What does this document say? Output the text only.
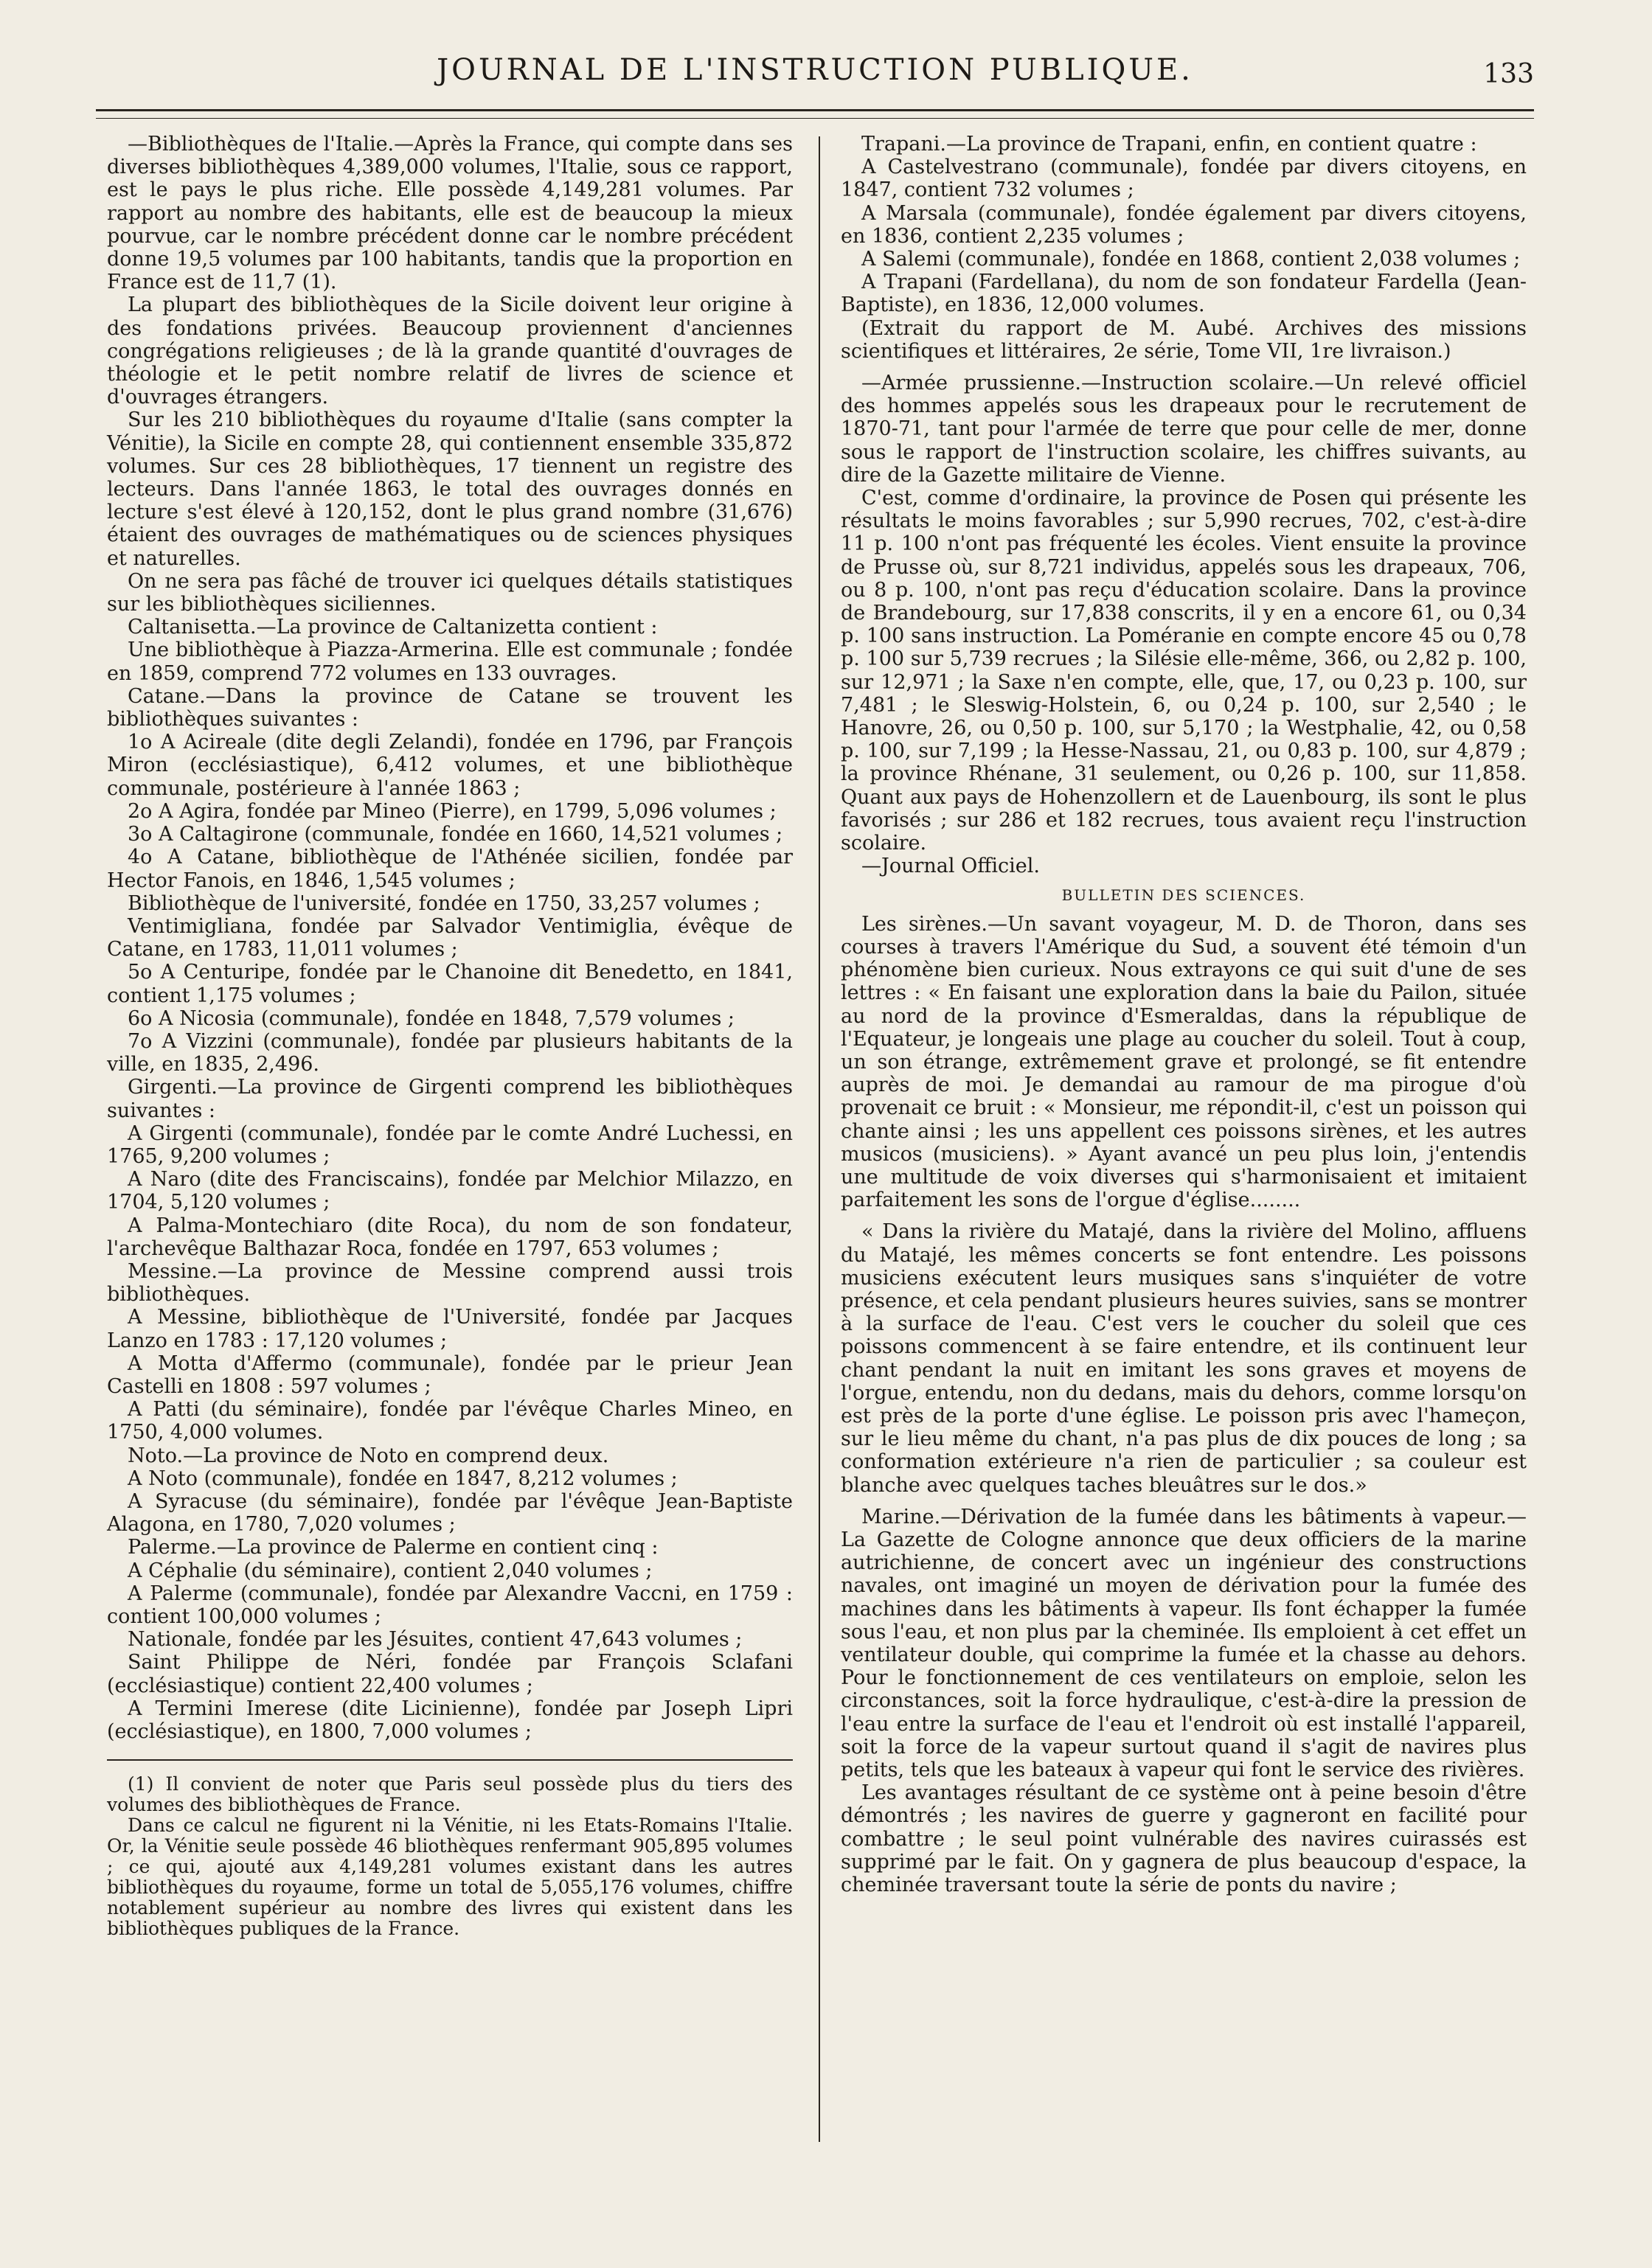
JOURNAL DE L'INSTRUCTION PUBLIQUE.	133

—Bibliothèques de l'Italie.—Après la France, qui compte dans ses diverses bibliothèques 4,389,000 volumes, l'Italie, sous ce rapport, est le pays le plus riche. Elle possède 4,149,281 volumes. Par rapport au nombre des habitants, elle est de beaucoup la mieux pourvue, car le nombre précédent donne car le nombre précédent donne 19,5 volumes par 100 habitants, tandis que la proportion en France est de 11,7 (1).

La plupart des bibliothèques de la Sicile doivent leur origine à des fondations privées. Beaucoup proviennent d'anciennes congrégations religieuses ; de là la grande quantité d'ouvrages de théologie et le petit nombre relatif de livres de science et d'ouvrages étrangers.

Sur les 210 bibliothèques du royaume d'Italie (sans compter la Vénitie), la Sicile en compte 28, qui contiennent ensemble 335,872 volumes. Sur ces 28 bibliothèques, 17 tiennent un registre des lecteurs. Dans l'année 1863, le total des ouvrages donnés en lecture s'est élevé à 120,152, dont le plus grand nombre (31,676) étaient des ouvrages de mathématiques ou de sciences physiques et naturelles.

On ne sera pas fâché de trouver ici quelques détails statistiques sur les bibliothèques siciliennes.

Caltanisetta.—La province de Caltanizetta contient :

Une bibliothèque à Piazza-Armerina. Elle est communale ; fondée en 1859, comprend 772 volumes en 133 ouvrages.

Catane.—Dans la province de Catane se trouvent les bibliothèques suivantes :

1o A Acireale (dite degli Zelandi), fondée en 1796, par François Miron (ecclésiastique), 6,412 volumes, et une bibliothèque communale, postérieure à l'année 1863 ;

2o A Agira, fondée par Mineo (Pierre), en 1799, 5,096 volumes ;

3o A Caltagirone (communale, fondée en 1660, 14,521 volumes ;

4o A Catane, bibliothèque de l'Athénée sicilien, fondée par Hector Fanois, en 1846, 1,545 volumes ;

Bibliothèque de l'université, fondée en 1750, 33,257 volumes ;

Ventimigliana, fondée par Salvador Ventimiglia, évêque de Catane, en 1783, 11,011 volumes ;

5o A Centuripe, fondée par le Chanoine dit Benedetto, en 1841, contient 1,175 volumes ;

6o A Nicosia (communale), fondée en 1848, 7,579 volumes ;

7o A Vizzini (communale), fondée par plusieurs habitants de la ville, en 1835, 2,496.

Girgenti.—La province de Girgenti comprend les bibliothèques suivantes :

A Girgenti (communale), fondée par le comte André Luchessi, en 1765, 9,200 volumes ;

A Naro (dite des Franciscains), fondée par Melchior Milazzo, en 1704, 5,120 volumes ;

A Palma-Montechiaro (dite Roca), du nom de son fondateur, l'archevêque Balthazar Roca, fondée en 1797, 653 volumes ;

Messine.—La province de Messine comprend aussi trois bibliothèques.

A Messine, bibliothèque de l'Université, fondée par Jacques Lanzo en 1783 : 17,120 volumes ;

A Motta d'Affermo (communale), fondée par le prieur Jean Castelli en 1808 : 597 volumes ;

A Patti (du séminaire), fondée par l'évêque Charles Mineo, en 1750, 4,000 volumes.

Noto.—La province de Noto en comprend deux.

A Noto (communale), fondée en 1847, 8,212 volumes ;

A Syracuse (du séminaire), fondée par l'évêque Jean-Baptiste Alagona, en 1780, 7,020 volumes ;

Palerme.—La province de Palerme en contient cinq :

A Céphalie (du séminaire), contient 2,040 volumes ;

A Palerme (communale), fondée par Alexandre Vaccni, en 1759 : contient 100,000 volumes ;

Nationale, fondée par les Jésuites, contient 47,643 volumes ;

Saint Philippe de Néri, fondée par François Sclafani (ecclésiastique) contient 22,400 volumes ;

A Termini Imerese (dite Licinienne), fondée par Joseph Lipri (ecclésiastique), en 1800, 7,000 volumes ;

(1) Il convient de noter que Paris seul possède plus du tiers des volumes des bibliothèques de France.

Dans ce calcul ne figurent ni la Vénitie, ni les Etats-Romains l'Italie. Or, la Vénitie seule possède 46 bliothèques renfermant 905,895 volumes ; ce qui, ajouté aux 4,149,281 volumes existant dans les autres bibliothèques du royaume, forme un total de 5,055,176 volumes, chiffre notablement supérieur au nombre des livres qui existent dans les bibliothèques publiques de la France.

Trapani.—La province de Trapani, enfin, en contient quatre :

A Castelvestrano (communale), fondée par divers citoyens, en 1847, contient 732 volumes ;

A Marsala (communale), fondée également par divers citoyens, en 1836, contient 2,235 volumes ;

A Salemi (communale), fondée en 1868, contient 2,038 volumes ;

A Trapani (Fardellana), du nom de son fondateur Fardella (Jean-Baptiste), en 1836, 12,000 volumes.

(Extrait du rapport de M. Aubé. Archives des missions scientifiques et littéraires, 2e série, Tome VII, 1re livraison.)

—Armée prussienne.—Instruction scolaire.—Un relevé officiel des hommes appelés sous les drapeaux pour le recrutement de 1870-71, tant pour l'armée de terre que pour celle de mer, donne sous le rapport de l'instruction scolaire, les chiffres suivants, au dire de la Gazette militaire de Vienne.

C'est, comme d'ordinaire, la province de Posen qui présente les résultats le moins favorables ; sur 5,990 recrues, 702, c'est-à-dire 11 p. 100 n'ont pas fréquenté les écoles. Vient ensuite la province de Prusse où, sur 8,721 individus, appelés sous les drapeaux, 706, ou 8 p. 100, n'ont pas reçu d'éducation scolaire. Dans la province de Brandebourg, sur 17,838 conscrits, il y en a encore 61, ou 0,34 p. 100 sans instruction. La Poméranie en compte encore 45 ou 0,78 p. 100 sur 5,739 recrues ; la Silésie elle-même, 366, ou 2,82 p. 100, sur 12,971 ; la Saxe n'en compte, elle, que, 17, ou 0,23 p. 100, sur 7,481 ; le Sleswig-Holstein, 6, ou 0,24 p. 100, sur 2,540 ; le Hanovre, 26, ou 0,50 p. 100, sur 5,170 ; la Westphalie, 42, ou 0,58 p. 100, sur 7,199 ; la Hesse-Nassau, 21, ou 0,83 p. 100, sur 4,879 ; la province Rhénane, 31 seulement, ou 0,26 p. 100, sur 11,858. Quant aux pays de Hohenzollern et de Lauenbourg, ils sont le plus favorisés ; sur 286 et 182 recrues, tous avaient reçu l'instruction scolaire.

—Journal Officiel.

BULLETIN DES SCIENCES.

Les sirènes.—Un savant voyageur, M. D. de Thoron, dans ses courses à travers l'Amérique du Sud, a souvent été témoin d'un phénomène bien curieux. Nous extrayons ce qui suit d'une de ses lettres : « En faisant une exploration dans la baie du Pailon, située au nord de la province d'Esmeraldas, dans la république de l'Equateur, je longeais une plage au coucher du soleil. Tout à coup, un son étrange, extrêmement grave et prolongé, se fit entendre auprès de moi. Je demandai au ramour de ma pirogue d'où provenait ce bruit : « Monsieur, me répondit-il, c'est un poisson qui chante ainsi ; les uns appellent ces poissons sirènes, et les autres musicos (musiciens). » Ayant avancé un peu plus loin, j'entendis une multitude de voix diverses qui s'harmonisaient et imitaient parfaitement les sons de l'orgue d'église........

« Dans la rivière du Matajé, dans la rivière del Molino, affluens du Matajé, les mêmes concerts se font entendre. Les poissons musiciens exécutent leurs musiques sans s'inquiéter de votre présence, et cela pendant plusieurs heures suivies, sans se montrer à la surface de l'eau. C'est vers le coucher du soleil que ces poissons commencent à se faire entendre, et ils continuent leur chant pendant la nuit en imitant les sons graves et moyens de l'orgue, entendu, non du dedans, mais du dehors, comme lorsqu'on est près de la porte d'une église. Le poisson pris avec l'hameçon, sur le lieu même du chant, n'a pas plus de dix pouces de long ; sa conformation extérieure n'a rien de particulier ; sa couleur est blanche avec quelques taches bleuâtres sur le dos.»

Marine.—Dérivation de la fumée dans les bâtiments à vapeur.—La Gazette de Cologne annonce que deux officiers de la marine autrichienne, de concert avec un ingénieur des constructions navales, ont imaginé un moyen de dérivation pour la fumée des machines dans les bâtiments à vapeur. Ils font échapper la fumée sous l'eau, et non plus par la cheminée. Ils emploient à cet effet un ventilateur double, qui comprime la fumée et la chasse au dehors. Pour le fonctionnement de ces ventilateurs on emploie, selon les circonstances, soit la force hydraulique, c'est-à-dire la pression de l'eau entre la surface de l'eau et l'endroit où est installé l'appareil, soit la force de la vapeur surtout quand il s'agit de navires plus petits, tels que les bateaux à vapeur qui font le service des rivières.

Les avantages résultant de ce système ont à peine besoin d'être démontrés ; les navires de guerre y gagneront en facilité pour combattre ; le seul point vulnérable des navires cuirassés est supprimé par le fait. On y gagnera de plus beaucoup d'espace, la cheminée traversant toute la série de ponts du navire ;
